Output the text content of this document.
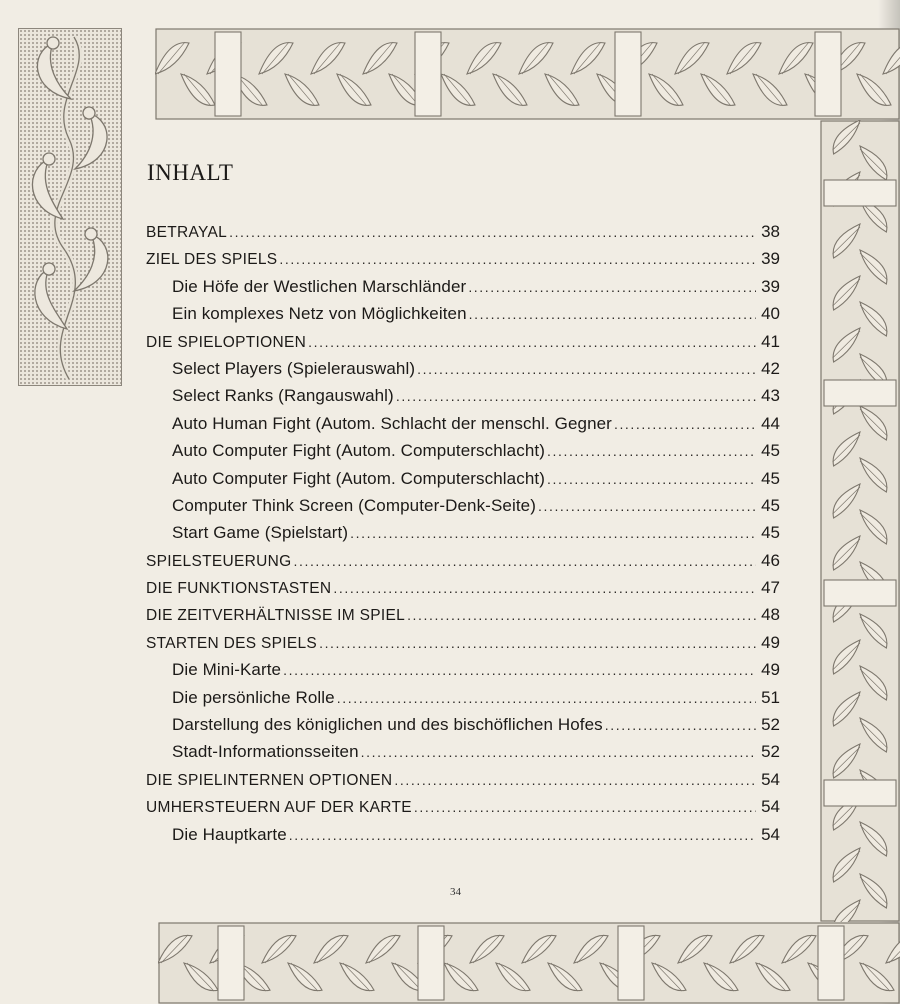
INHALT
BETRAYAL .....	38
ZIEL DES SPIELS .....	39
Die Höfe der Westlichen Marschländer .....	39
Ein komplexes Netz von Möglichkeiten .....	40
DIE SPIELOPTIONEN .....	41
Select Players (Spielerauswahl) .....	42
Select Ranks (Rangauswahl) .....	43
Auto Human Fight (Autom. Schlacht der menschl. Gegner .....	44
Auto Computer Fight (Autom. Computerschlacht) .....	45
Auto Computer Fight (Autom. Computerschlacht) .....	45
Computer Think Screen (Computer-Denk-Seite) .....	45
Start Game (Spielstart) .....	45
SPIELSTEUERUNG .....	46
DIE FUNKTIONSTASTEN .....	47
DIE ZEITVERHÄLTNISSE IM SPIEL .....	48
STARTEN DES SPIELS .....	49
Die Mini-Karte .....	49
Die persönliche Rolle .....	51
Darstellung des königlichen und des bischöflichen Hofes .....	52
Stadt-Informationsseiten .....	52
DIE SPIELINTERNEN OPTIONEN .....	54
UMHERSTEUERN AUF DER KARTE .....	54
Die Hauptkarte .....	54
34
